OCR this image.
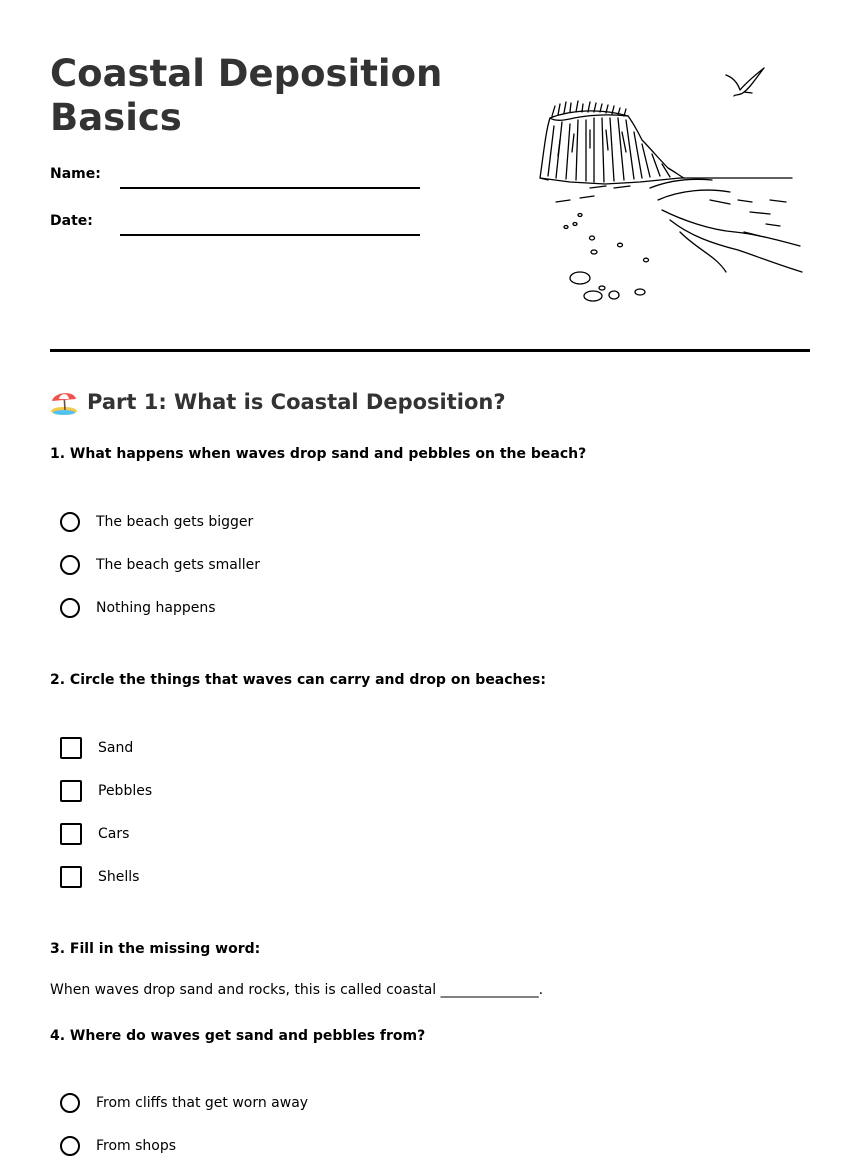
Coastal Deposition Basics
Name:
Date:
Part 1: What is Coastal Deposition?
1. What happens when waves drop sand and pebbles on the beach?
The beach gets bigger
The beach gets smaller
Nothing happens
2. Circle the things that waves can carry and drop on beaches:
Sand
Pebbles
Cars
Shells
3. Fill in the missing word:
When waves drop sand and rocks, this is called coastal ______________.
4. Where do waves get sand and pebbles from?
From cliffs that get worn away
From shops
